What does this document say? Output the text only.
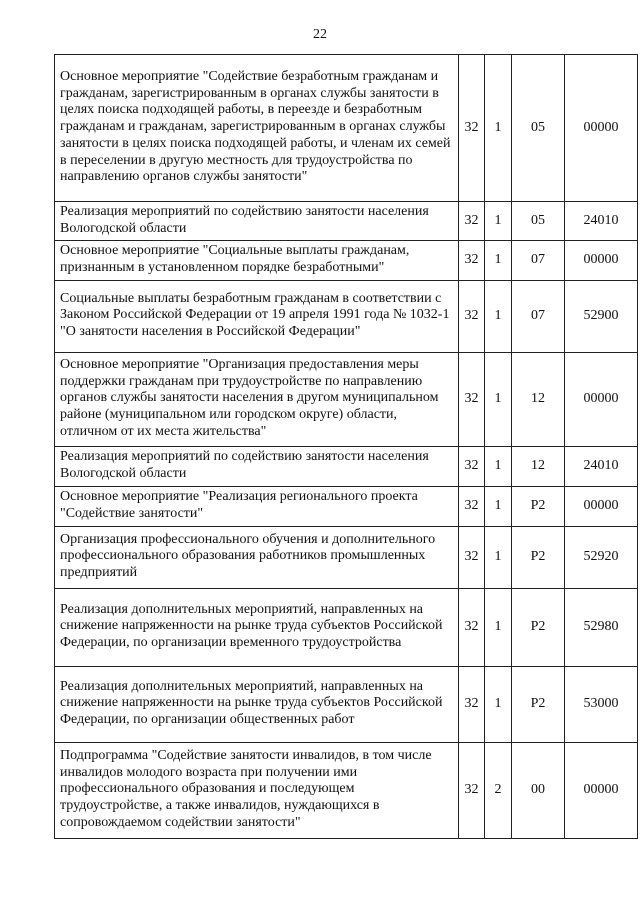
22
Основное мероприятие "Содействие безработным гражданам и гражданам, зарегистрированным в органах службы занятости в целях поиска подходящей работы, в переезде и безработным гражданам и гражданам, зарегистрированным в органах службы занятости в целях поиска подходящей работы, и членам их семей в переселении в другую местность для трудоустройства по направлению органов службы занятости"	32	1	05	00000
Реализация мероприятий по содействию занятости населения Вологодской области	32	1	05	24010
Основное мероприятие "Социальные выплаты гражданам, признанным в установленном порядке безработными"	32	1	07	00000
Социальные выплаты безработным гражданам в соответствии с Законом Российской Федерации от 19 апреля 1991 года № 1032-1 "О занятости населения в Российской Федерации"	32	1	07	52900
Основное мероприятие "Организация предоставления меры поддержки гражданам при трудоустройстве по направлению органов службы занятости населения в другом муниципальном районе (муниципальном или городском округе) области, отличном от их места жительства"	32	1	12	00000
Реализация мероприятий по содействию занятости населения Вологодской области	32	1	12	24010
Основное мероприятие "Реализация регионального проекта "Содействие занятости"	32	1	P2	00000
Организация профессионального обучения и дополнительного профессионального образования работников промышленных предприятий	32	1	P2	52920
Реализация дополнительных мероприятий, направленных на снижение напряженности на рынке труда субъектов Российской Федерации, по организации временного трудоустройства	32	1	P2	52980
Реализация дополнительных мероприятий, направленных на снижение напряженности на рынке труда субъектов Российской Федерации, по организации общественных работ	32	1	P2	53000
Подпрограмма "Содействие занятости инвалидов, в том числе инвалидов молодого возраста при получении ими профессионального образования и последующем трудоустройстве, а также инвалидов, нуждающихся в сопровождаемом содействии занятости"	32	2	00	00000
